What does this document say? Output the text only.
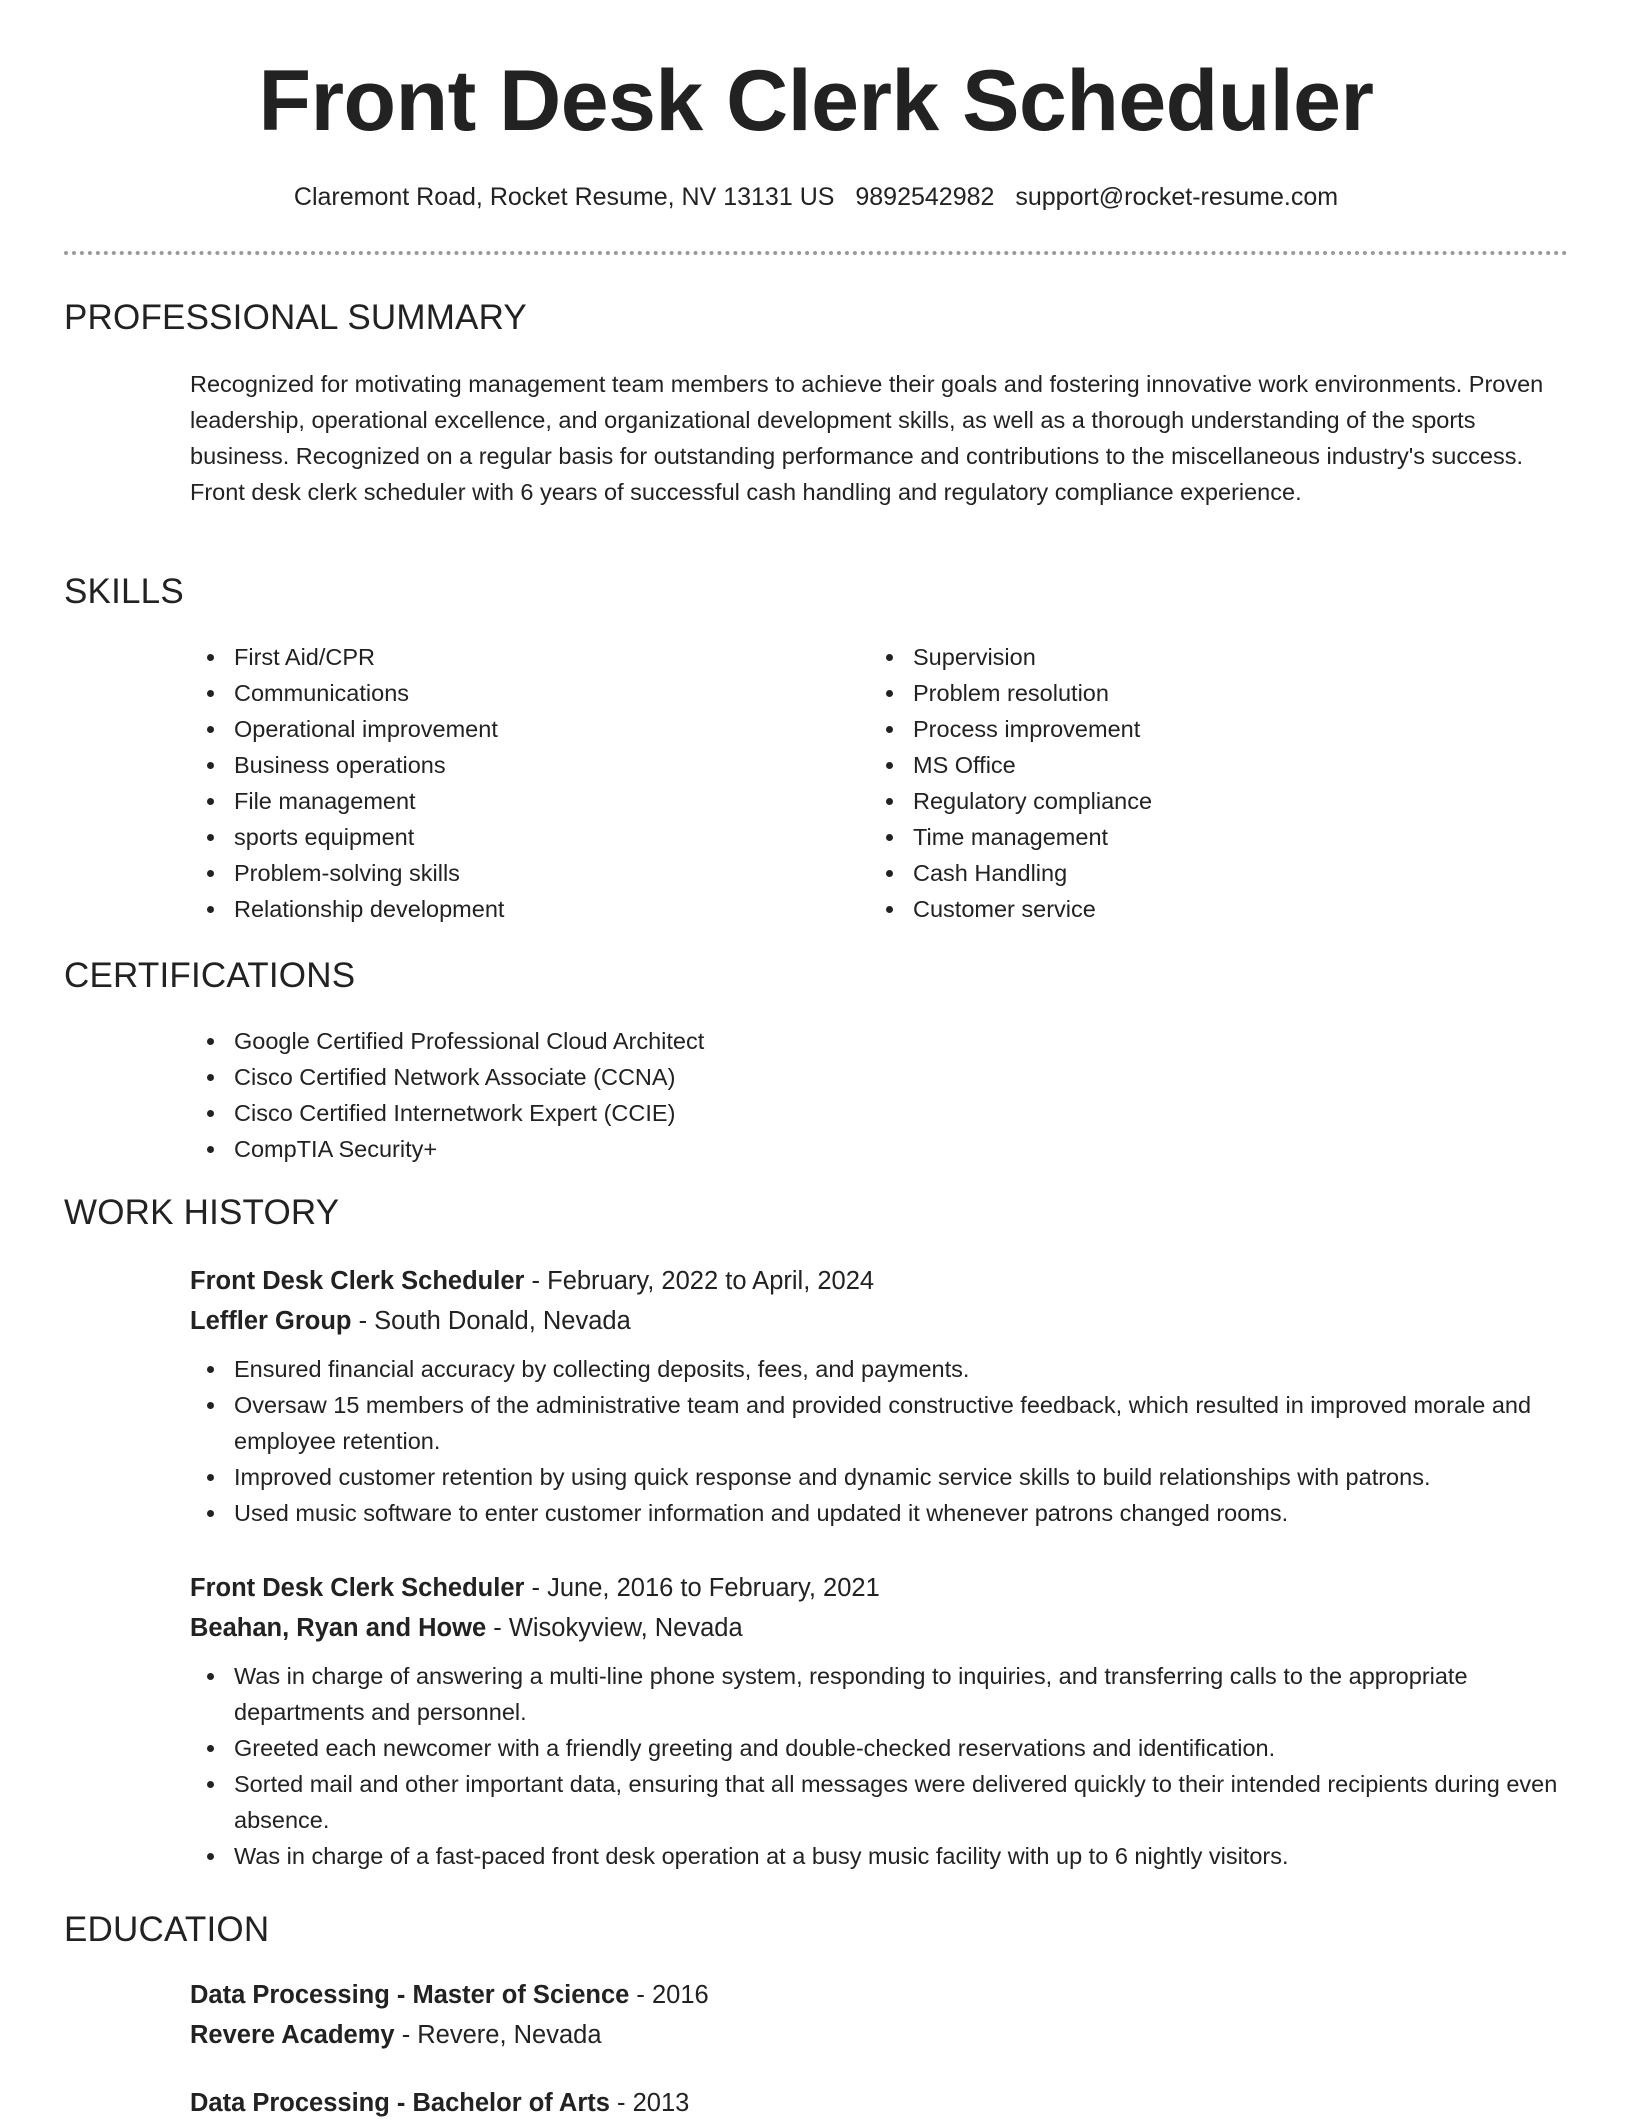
Front Desk Clerk Scheduler
Claremont Road, Rocket Resume, NV 13131 US 9892542982 support@rocket-resume.com
PROFESSIONAL SUMMARY

Recognized for motivating management team members to achieve their goals and fostering innovative work environments. Proven leadership, operational excellence, and organizational development skills, as well as a thorough understanding of the sports business. Recognized on a regular basis for outstanding performance and contributions to the miscellaneous industry's success. Front desk clerk scheduler with 6 years of successful cash handling and regulatory compliance experience.

SKILLS
First Aid/CPR
Communications
Operational improvement
Business operations
File management
sports equipment
Problem-solving skills
Relationship development
Supervision
Problem resolution
Process improvement
MS Office
Regulatory compliance
Time management
Cash Handling
Customer service
CERTIFICATIONS
Google Certified Professional Cloud Architect
Cisco Certified Network Associate (CCNA)
Cisco Certified Internetwork Expert (CCIE)
CompTIA Security+
WORK HISTORY
Front Desk Clerk Scheduler - February, 2022 to April, 2024
Leffler Group - South Donald, Nevada
Ensured financial accuracy by collecting deposits, fees, and payments.
Oversaw 15 members of the administrative team and provided constructive feedback, which resulted in improved morale and employee retention.
Improved customer retention by using quick response and dynamic service skills to build relationships with patrons.
Used music software to enter customer information and updated it whenever patrons changed rooms.
Front Desk Clerk Scheduler - June, 2016 to February, 2021
Beahan, Ryan and Howe - Wisokyview, Nevada
Was in charge of answering a multi-line phone system, responding to inquiries, and transferring calls to the appropriate departments and personnel.
Greeted each newcomer with a friendly greeting and double-checked reservations and identification.
Sorted mail and other important data, ensuring that all messages were delivered quickly to their intended recipients during even absence.
Was in charge of a fast-paced front desk operation at a busy music facility with up to 6 nightly visitors.
EDUCATION
Data Processing - Master of Science - 2016
Revere Academy - Revere, Nevada
Data Processing - Bachelor of Arts - 2013
